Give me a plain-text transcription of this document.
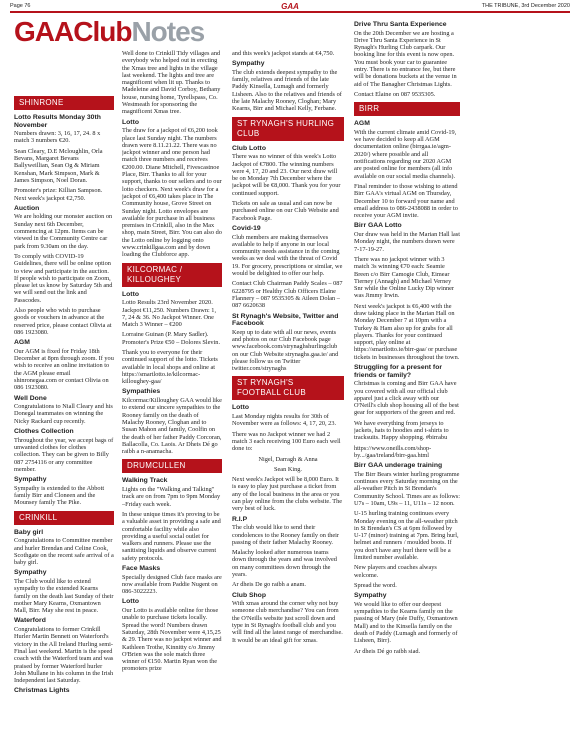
Page 76	GAA	THE TRIBUNE, 3rd December 2020
GAAClubNotes
SHINRONE
Lotto Results Monday 30th November

Numbers drawn: 3, 16, 17, 24. 8 x match 3 numbers €20.

Sean Cleary, D.E Mcloughlin, Orla Bevans, Margaret Bevans Ballyweillian, Sean Og & Miriam Kenshan, Mark Simpson, Mark & James Simpson, Noel Doran.

Promoter's prize: Killian Sampson. Next week's jackpot €2,750.

Auction

We are holding our monster auction on Sunday next 6th December, commencing at 12pm. Items can be viewed in the Community Centre car park from 9.30am on the day.

To comply with COVID-19 Guidelines, there will be online option to view and participate in the auction. If people wish to participate on Zoom, please let us know by Saturday 5th and we will send out the link and Passcodes.

Also people who wish to purchase goods or vouchers in advance at the reserved price, please contact Olivia at 086 1923080.

AGM

Our AGM is fixed for Friday 18th December at 8pm through zoom. If you wish to receive an online invitation to the AGM please email shinronegaa.com or contact Olivia on 086 1923080.

Well Done

Congratulations to Niall Cleary and his Donegal teammates on winning the Nicky Rackard cup recently.

Clothes Collection

Throughout the year, we accept bags of unwanted clothes for clothes collection. They can be given to Billy 087 2754116 or any committee member.

Sympathy

Sympathy is extended to the Abbott family Birr and Cloneen and the Mounsey family The Pike.

CRINKILL
Baby girl

Congratulations to Committee member and hurler Brendan and Celine Cook, Scothgate on the recent safe arrival of a baby girl.

Sympathy

The Club would like to extend sympathy to the extended Kearns family on the death last Sunday of their mother Mary Kearns, Oxmantown Mall, Birr. May she rest in peace.

Waterford

Congratulations to former Crinkill Hurler Martin Bennett on Waterford's victory in the All Ireland Hurling semi-Final last weekend. Martin is the speed coach with the Waterford team and was praised by former Waterford hurler John Mullane in his column in the Irish Independent last Saturday.

Christmas Lights

Well done to Crinkill Tidy villages and everybody who helped out in erecting the Xmas tree and lights in the village last weekend. The lights and tree are magnificent when lit up. Thanks to Madeleine and David Corboy, Bethany house, nursing home, Tyrellspass, Co. Westmeath for sponsoring the magnificent Xmas tree.

Lotto

The draw for a jackpot of €6,200 took place last Sunday night. The numbers drawn were 8.11.21.22. There was no jackpot winner and one person had match three numbers and receives €200.00. Diane Mitchell, Fivescastnoe Place, Birr. Thanks to all for your support, thanks to our sellers and to our lotto checkers. Next week's draw for a jackpot of €6,400 takes place in The Community house, Grove Street on Sunday night. Lotto envelopes are available for purchase in all business premises in Crinkill, also in the Max shop, main Street, Birr. You can also do the Lotto online by logging onto www.crinkillgaa.com and by down loading the Clubforce app.

KILCORMAC / KILLOUGHEY
Lotto

Lotto Results 23rd November 2020. Jackpot €11,250. Numbers Drawn: 1, 7, 24 & 36. No Jackpot Winner. One Match 3 Winner – €200

Lorraine Guinan (P. Mary Sadler). Promoter's Prize €50 – Dolores Slevin.

Thank you to everyone for their continued support of the lotto. Tickets available in local shops and online at https://smartlotto.ie/kilcormac-killoughey-gaa/

Sympathies

Kilcormac/Killoughey GAA would like to extend our sincere sympathies to the Rooney family on the death of Malachy Rooney, Cloghan and to Susan Mahon and family, Coolfin on the death of her father Paddy Corcoran, Ballacolla, Co. Laois. Ar Dheis Dé go raibh a n-anamacha.

DRUMCULLEN
Walking Track

Lights on the "Walking and Talking" track are on from 7pm to 9pm Monday –Friday each week.

In these unique times it's proving to be a valuable asset in providing a safe and comfortable facility while also providing a useful social outlet for walkers and runners. Please use the sanitising liquids and observe current safety protocols.

Face Masks

Specially designed Club face masks are now available from Paddie Nugent on 086-3022223.

Lotto

Our Lotto is available online for those unable to purchase tickets locally. Spread the word! Numbers drawn Saturday, 28th November were 4,15,25 & 29. There was no jackpot winner and Kathleen Trothe, Kinnitty c/o Jimmy O'Brien was the sole match three winner of €150. Martin Ryan won the promoters prize

and this week's jackpot stands at €4,750.

Sympathy

The club extends deepest sympathy to the family, relatives and friends of the late Paddy Kinsella, Lumagh and formerly Lisheen. Also to the relatives and friends of the late Malachy Rooney, Cloghan; Mary Kearns, Birr and Michael Kelly, Ferbane.

ST RYNAGH'S HURLING CLUB
Club Lotto

There was no winner of this week's Lotto Jackpot of €7800. The winning numbers were 4, 17, 20 and 23. Our next draw will be on Monday 7th December where the jackpot will be €8,000. Thank you for your continued support.

Tickets on sale as usual and can now be purchased online on our Club Website and Facebook Page.

Covid-19

Club members are making themselves available to help if anyone in our local community needs assistance in the coming weeks as we deal with the threat of Covid 19. For grocery, prescriptions or similar, we would be delighted to offer our help.

Contact Club Chairman Paddy Scales – 087 6228795 or Healthy Club Officers Elaine Flannery – 087 9535305 & Aileen Dolan – 087 6620638

St Rynagh's Website, Twitter and Facebook

Keep up to date with all our news, events and photos on our Club Facebook page www.facebook.com/strynaghshurlingclub on our Club Website strynaghs.gaa.ie/ and please follow us on Twitter twitter.com/strynaghs

ST RYNAGH'S FOOTBALL CLUB
Lotto

Last Monday nights results for 30th of November were as follows: 4, 17, 20, 23.

There was no Jackpot winner we had 2 match 3 each receiving 100 Euro each well done to:

Nigel, Darragh & Anna

Sean King.

Next week's Jackpot will be 8,000 Euro. It is easy to play just purchase a ticket from any of the local business in the area or you can play online from the clubs website. The very best of luck.

R.I.P

The club would like to send their condolences to the Rooney family on their passing of their father Malachy Rooney.

Malachy looked after numerous teams down through the years and was involved on many committees down through the years.

Ar dheis De go raibh a anam.

Club Shop

With xmas around the corner why not buy someone club merchandise? You can from the O'Neills website just scroll down and type in St Rynagh's football club and you will find all the latest range of merchandise. It would be an ideal gift for xmas.

Drive Thru Santa Experience

On the 20th December we are hosting a Drive Thru Santa Experience in St Rynagh's Hurling Club carpark. Our booking line for this event is now open. You must book your car to guarantee entry. There is no entrance fee, but there will be donations buckets at the venue in aid of The Banagher Christmas Lights.

Contact Elaine on 087 9535305.

BIRR
AGM

With the current climate amid Covid-19, we have decided to keep all AGM documentation online (birrgaa.ie/agm-2020/) where possible and all notifications regarding our 2020 AGM are posted online for members (all info available on our social media channels).

Final reminder to those wishing to attend Birr GAA's virtual AGM on Thursday, December 10 to forward your name and email address to 086-2438088 in order to receive your AGM invite.

Birr GAA Lotto

Our draw was held in the Marian Hall last Monday night, the numbers drawn were 7-17-19-27.

There was no jackpot winner with 3 match 3s winning €70 each: Seamie Breen c/o Birr Camogie Club, Eimear Tierney (Annagh) and Michael Verney Snr while the Online Lucky Dip winner was Jimmy Irwin.

Next week's jackpot is €6,400 with the draw taking place in the Marian Hall on Monday December 7 at 10pm with a Turkey & Ham also up for grabs for all players. Thanks for your continued support, play online at https://smartlotto.ie/birr-gaa/ or purchase tickets in businesses throughout the town.

Struggling for a present for friends or family?

Christmas is coming and Birr GAA have you covered with all our official club apparel just a click away with our O'Neill's club shop housing all of the best gear for supporters of the green and red.

We have everything from jerseys to jackets, hats to hoodies and t-shirts to tracksuits. Happy shopping. #birrabu

https://www.oneills.com/shop-by.../gaa/ireland/birr-gaa.html

Birr GAA underage training

The Birr Bears winter hurling programme continues every Saturday morning on the all-weather Pitch in St Brendan's Community School. Times are as follows: U7s – 10am, U9s – 11, U11s – 12 noon.

U-15 hurling training continues every Monday evening on the all-weather pitch in St Brendan's CS at 6pm followed by U-17 (minor) training at 7pm. Bring hurl, helmet and runners / moulded boots. If you don't have any hurl there will be a limited number available.

New players and coaches always welcome.

Spread the word.

Sympathy

We would like to offer our deepest sympathies to the Kearns family on the passing of Mary (née Duffy, Oxmantown Mall) and to the Kinsella family on the death of Paddy (Lumagh and formerly of Lisheen, Birr).

Ar dheis Dé go raibh siad.
